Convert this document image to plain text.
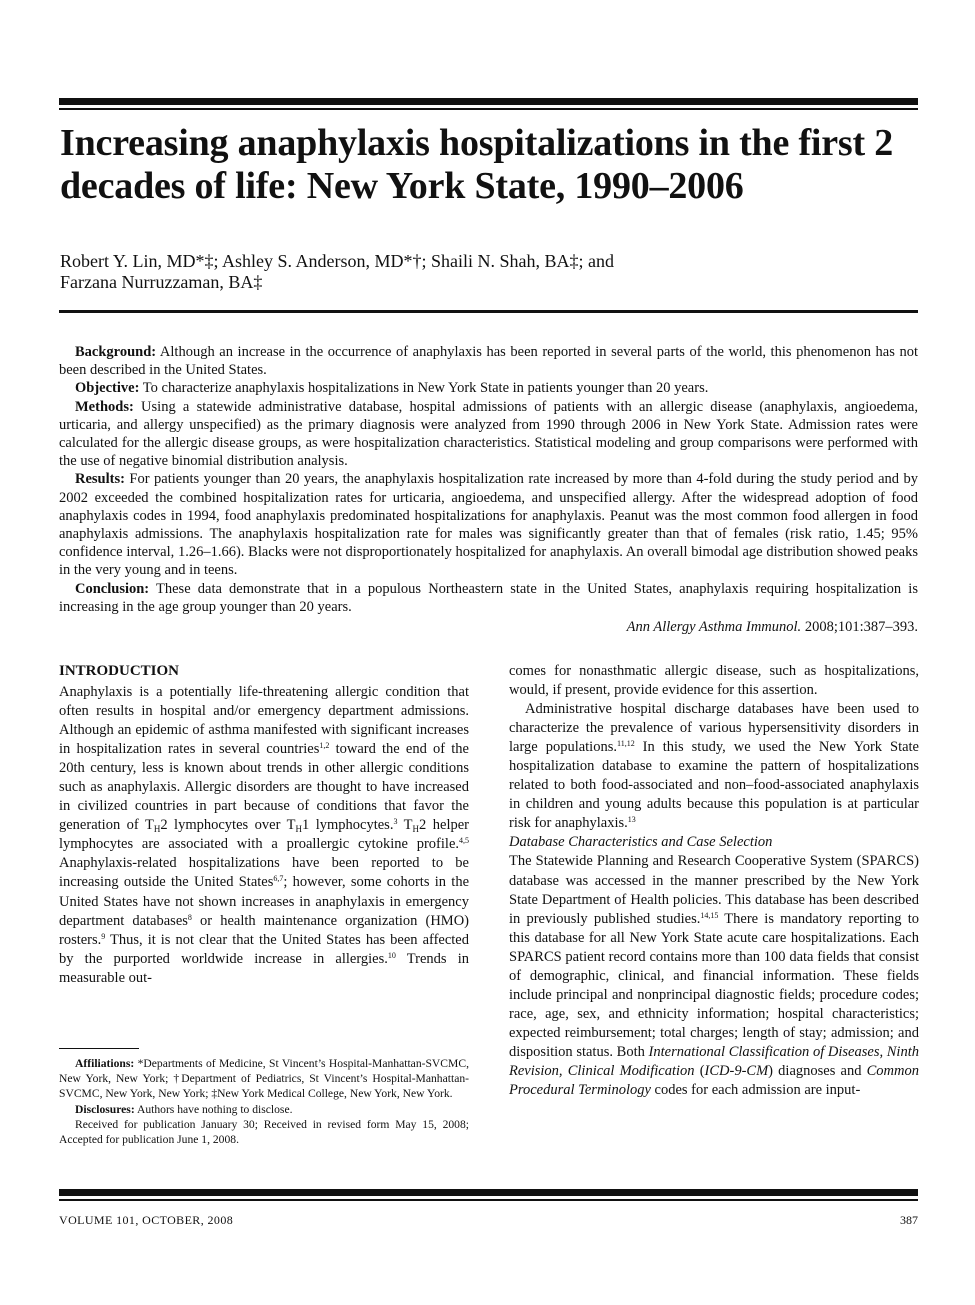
Increasing anaphylaxis hospitalizations in the first 2 decades of life: New York State, 1990–2006
Robert Y. Lin, MD*‡; Ashley S. Anderson, MD*†; Shaili N. Shah, BA‡; and
Farzana Nurruzzaman, BA‡

Background: Although an increase in the occurrence of anaphylaxis has been reported in several parts of the world, this phenomenon has not been described in the United States.

Objective: To characterize anaphylaxis hospitalizations in New York State in patients younger than 20 years.

Methods: Using a statewide administrative database, hospital admissions of patients with an allergic disease (anaphylaxis, angioedema, urticaria, and allergy unspecified) as the primary diagnosis were analyzed from 1990 through 2006 in New York State. Admission rates were calculated for the allergic disease groups, as were hospitalization characteristics. Statistical modeling and group comparisons were performed with the use of negative binomial distribution analysis.

Results: For patients younger than 20 years, the anaphylaxis hospitalization rate increased by more than 4-fold during the study period and by 2002 exceeded the combined hospitalization rates for urticaria, angioedema, and unspecified allergy. After the widespread adoption of food anaphylaxis codes in 1994, food anaphylaxis predominated hospitalizations for anaphylaxis. Peanut was the most common food allergen in food anaphylaxis admissions. The anaphylaxis hospitalization rate for males was significantly greater than that of females (risk ratio, 1.45; 95% confidence interval, 1.26–1.66). Blacks were not disproportionately hospitalized for anaphylaxis. An overall bimodal age distribution showed peaks in the very young and in teens.

Conclusion: These data demonstrate that in a populous Northeastern state in the United States, anaphylaxis requiring hospitalization is increasing in the age group younger than 20 years.

Ann Allergy Asthma Immunol. 2008;101:387–393.
INTRODUCTION

Anaphylaxis is a potentially life-threatening allergic condition that often results in hospital and/or emergency department admissions. Although an epidemic of asthma manifested with significant increases in hospitalization rates in several countries$^{1,2}$ toward the end of the 20th century, less is known about trends in other allergic conditions such as anaphylaxis. Allergic disorders are thought to have increased in civilized countries in part because of conditions that favor the generation of $T_H2$ lymphocytes over $T_H1$ lymphocytes.$^3$ $T_H2$ helper lymphocytes are associated with a proallergic cytokine profile.$^{4,5}$ Anaphylaxis-related hospitalizations have been reported to be increasing outside the United States$^{6,7}$; however, some cohorts in the United States have not shown increases in anaphylaxis in emergency department databases$^8$ or health maintenance organization (HMO) rosters.$^9$ Thus, it is not clear that the United States has been affected by the purported worldwide increase in allergies.$^{10}$ Trends in measurable out-

Affiliations: *Departments of Medicine, St Vincent’s Hospital-Manhattan-SVCMC, New York, New York; †Department of Pediatrics, St Vincent’s Hospital-Manhattan-SVCMC, New York, New York; ‡New York Medical College, New York, New York.

Disclosures: Authors have nothing to disclose.

Received for publication January 30; Received in revised form May 15, 2008; Accepted for publication June 1, 2008.

comes for nonasthmatic allergic disease, such as hospitalizations, would, if present, provide evidence for this assertion.

Administrative hospital discharge databases have been used to characterize the prevalence of various hypersensitivity disorders in large populations.$^{11,12}$ In this study, we used the New York State hospitalization database to examine the pattern of hospitalizations related to both food-associated and non–food-associated anaphylaxis in children and young adults because this population is at particular risk for anaphylaxis.$^{13}$

Database Characteristics and Case Selection

The Statewide Planning and Research Cooperative System (SPARCS) database was accessed in the manner prescribed by the New York State Department of Health policies. This database has been described in previously published studies.$^{14,15}$ There is mandatory reporting to this database for all New York State acute care hospitalizations. Each SPARCS patient record contains more than 100 data fields that consist of demographic, clinical, and financial information. These fields include principal and nonprincipal diagnostic fields; procedure codes; race, age, sex, and ethnicity information; hospital characteristics; expected reimbursement; total charges; length of stay; admission; and disposition status. Both International Classification of Diseases, Ninth Revision, Clinical Modification (ICD-9-CM) diagnoses and Common Procedural Terminology codes for each admission are input-

VOLUME 101, OCTOBER, 2008	387
